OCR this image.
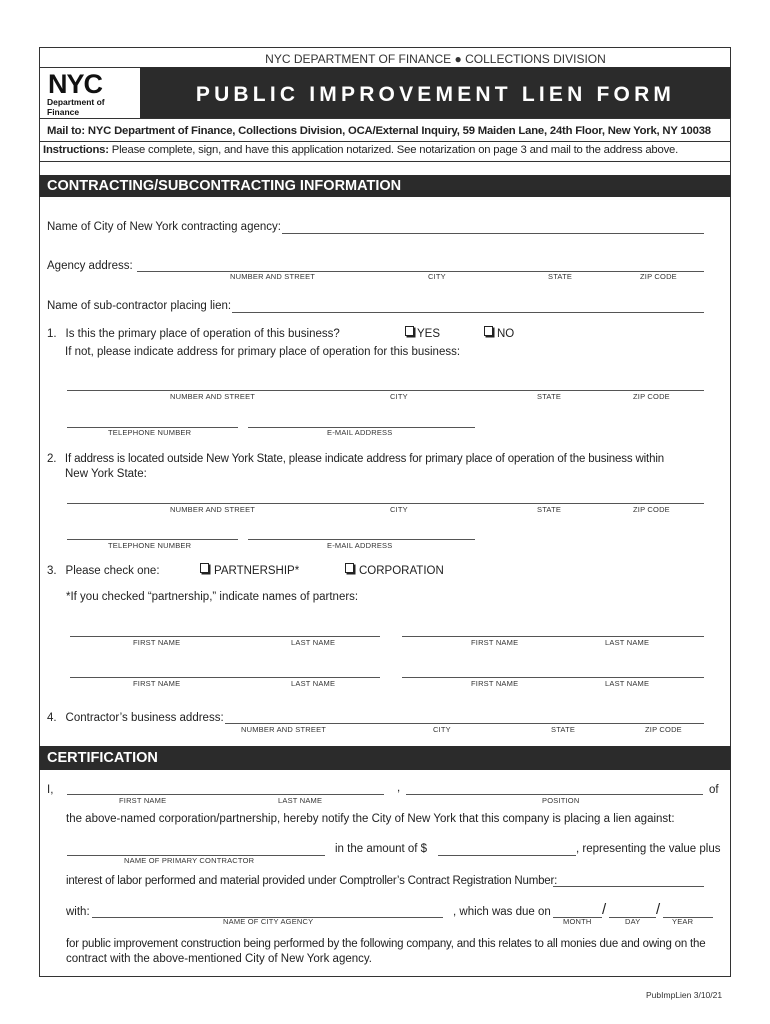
NYC DEPARTMENT OF FINANCE ● COLLECTIONS DIVISION
NYC
Department of Finance
PUBLIC IMPROVEMENT LIEN FORM
Mail to: NYC Department of Finance, Collections Division, OCA/External Inquiry, 59 Maiden Lane, 24th Floor, New York, NY 10038
Instructions: Please complete, sign, and have this application notarized. See notarization on page 3 and mail to the address above.
CONTRACTING/SUBCONTRACTING INFORMATION
Name of City of New York contracting agency:
Agency address:
NUMBER AND STREET	CITY	STATE	ZIP CODE
Name of sub-contractor placing lien:
1.  Is this the primary place of operation of this business?	YES	NO
If not, please indicate address for primary place of operation for this business:
NUMBER AND STREET	CITY	STATE	ZIP CODE
TELEPHONE NUMBER	E-MAIL ADDRESS
2.  If address is located outside New York State, please indicate address for primary place of operation of the business within
New York State:
NUMBER AND STREET	CITY	STATE	ZIP CODE
TELEPHONE NUMBER	E-MAIL ADDRESS
3.  Please check one:	PARTNERSHIP*	CORPORATION
*If you checked “partnership,” indicate names of partners:
FIRST NAME	LAST NAME	FIRST NAME	LAST NAME
FIRST NAME	LAST NAME	FIRST NAME	LAST NAME
4.  Contractor’s business address:
NUMBER AND STREET	CITY	STATE	ZIP CODE
CERTIFICATION
I,	,	of
FIRST NAME	LAST NAME	POSITION
the above-named corporation/partnership, hereby notify the City of New York that this company is placing a lien against:
NAME OF PRIMARY CONTRACTOR
in the amount of $	, representing the value plus
interest of labor performed and material provided under Comptroller’s Contract Registration Number:
with:
NAME OF CITY AGENCY
, which was due on	/	/
MONTH	DAY	YEAR
for public improvement construction being performed by the following company, and this relates to all monies due and owing on the
contract with the above-mentioned City of New York agency.
PubImpLien 3/10/21
